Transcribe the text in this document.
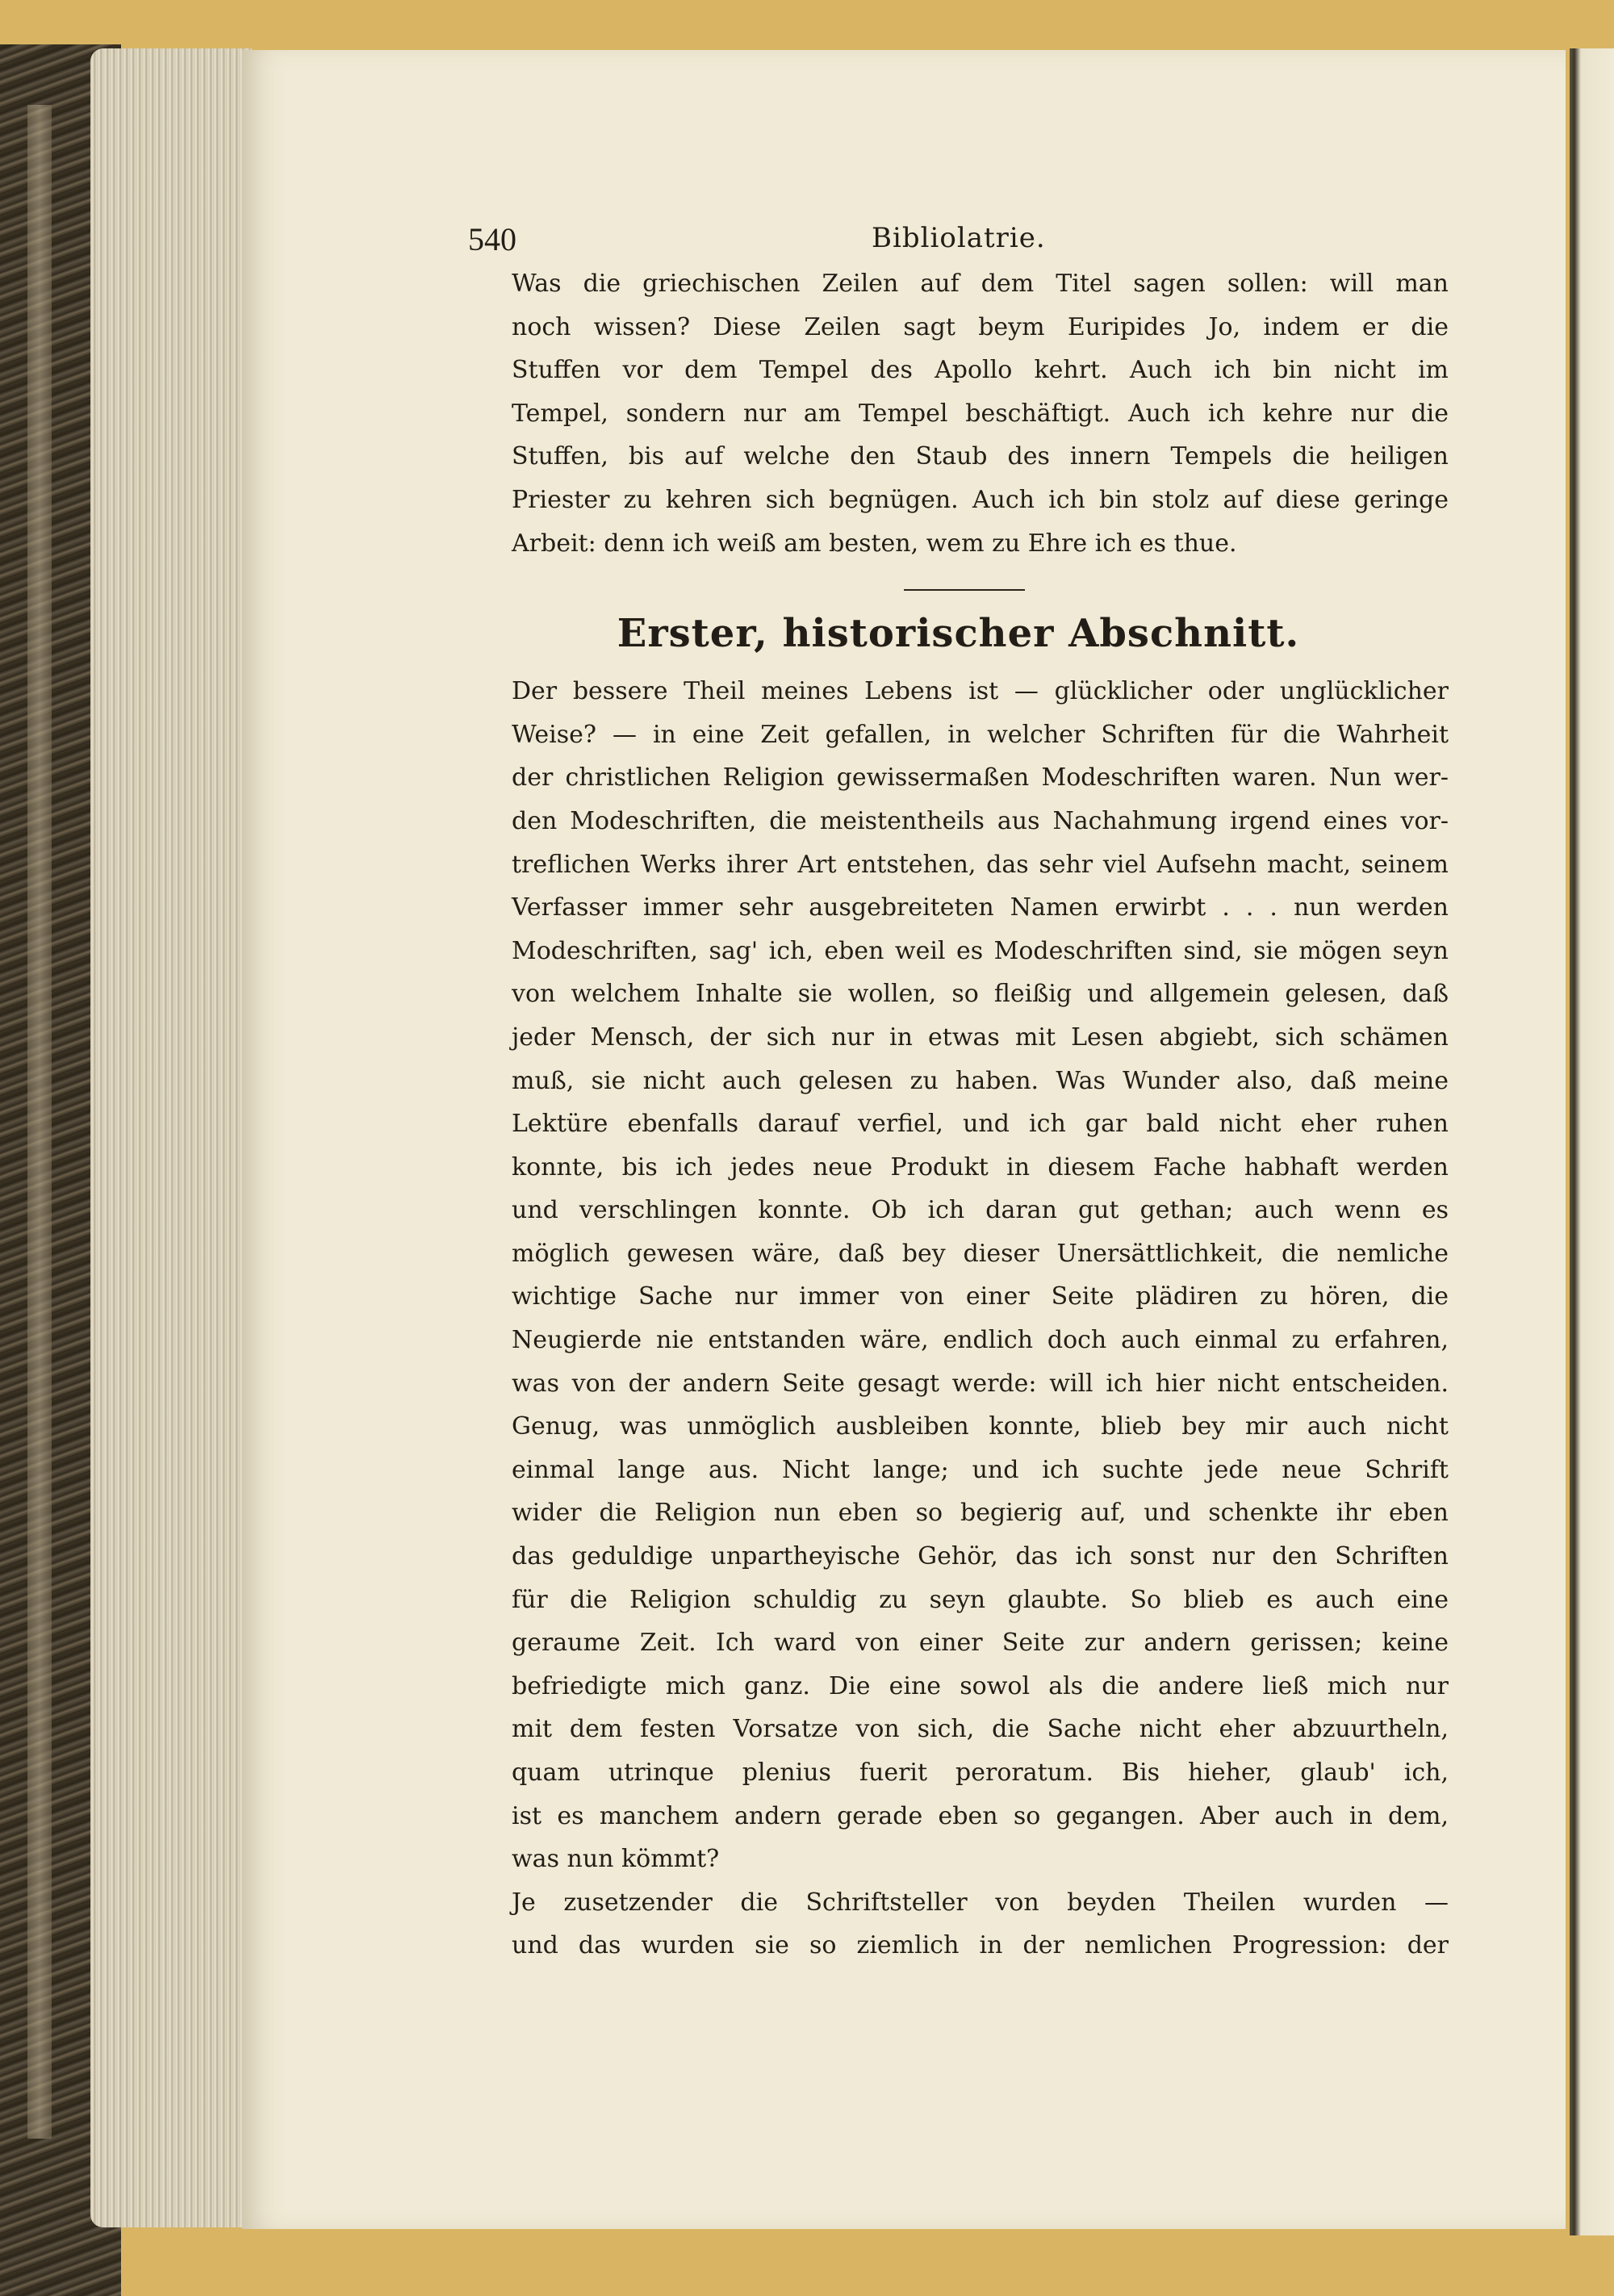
540	Bibliolatrie.

Was die griechischen Zeilen auf dem Titel sagen sollen: will man
noch wissen? Diese Zeilen sagt beym Euripides Jo, indem er die
Stuffen vor dem Tempel des Apollo kehrt. Auch ich bin nicht im
Tempel, sondern nur am Tempel beschäftigt. Auch ich kehre nur die
Stuffen, bis auf welche den Staub des innern Tempels die heiligen
Priester zu kehren sich begnügen. Auch ich bin stolz auf diese geringe
Arbeit: denn ich weiß am besten, wem zu Ehre ich es thue.

Erster, historischer Abschnitt.

Der bessere Theil meines Lebens ist — glücklicher oder unglücklicher
Weise? — in eine Zeit gefallen, in welcher Schriften für die Wahrheit
der christlichen Religion gewissermaßen Modeschriften waren. Nun wer-
den Modeschriften, die meistentheils aus Nachahmung irgend eines vor-
treflichen Werks ihrer Art entstehen, das sehr viel Aufsehn macht, seinem
Verfasser immer sehr ausgebreiteten Namen erwirbt . . . nun werden
Modeschriften, sag' ich, eben weil es Modeschriften sind, sie mögen seyn
von welchem Inhalte sie wollen, so fleißig und allgemein gelesen, daß
jeder Mensch, der sich nur in etwas mit Lesen abgiebt, sich schämen
muß, sie nicht auch gelesen zu haben. Was Wunder also, daß meine
Lektüre ebenfalls darauf verfiel, und ich gar bald nicht eher ruhen
konnte, bis ich jedes neue Produkt in diesem Fache habhaft werden
und verschlingen konnte. Ob ich daran gut gethan; auch wenn es
möglich gewesen wäre, daß bey dieser Unersättlichkeit, die nemliche
wichtige Sache nur immer von einer Seite plädiren zu hören, die
Neugierde nie entstanden wäre, endlich doch auch einmal zu erfahren,
was von der andern Seite gesagt werde: will ich hier nicht entscheiden.
Genug, was unmöglich ausbleiben konnte, blieb bey mir auch nicht
einmal lange aus. Nicht lange; und ich suchte jede neue Schrift
wider die Religion nun eben so begierig auf, und schenkte ihr eben
das geduldige unpartheyische Gehör, das ich sonst nur den Schriften
für die Religion schuldig zu seyn glaubte. So blieb es auch eine
geraume Zeit. Ich ward von einer Seite zur andern gerissen; keine
befriedigte mich ganz. Die eine sowol als die andere ließ mich nur
mit dem festen Vorsatze von sich, die Sache nicht eher abzuurtheln,
quam utrinque plenius fuerit peroratum. Bis hieher, glaub' ich,
ist es manchem andern gerade eben so gegangen. Aber auch in dem,
was nun kömmt?

Je zusetzender die Schriftsteller von beyden Theilen wurden —
und das wurden sie so ziemlich in der nemlichen Progression: der
